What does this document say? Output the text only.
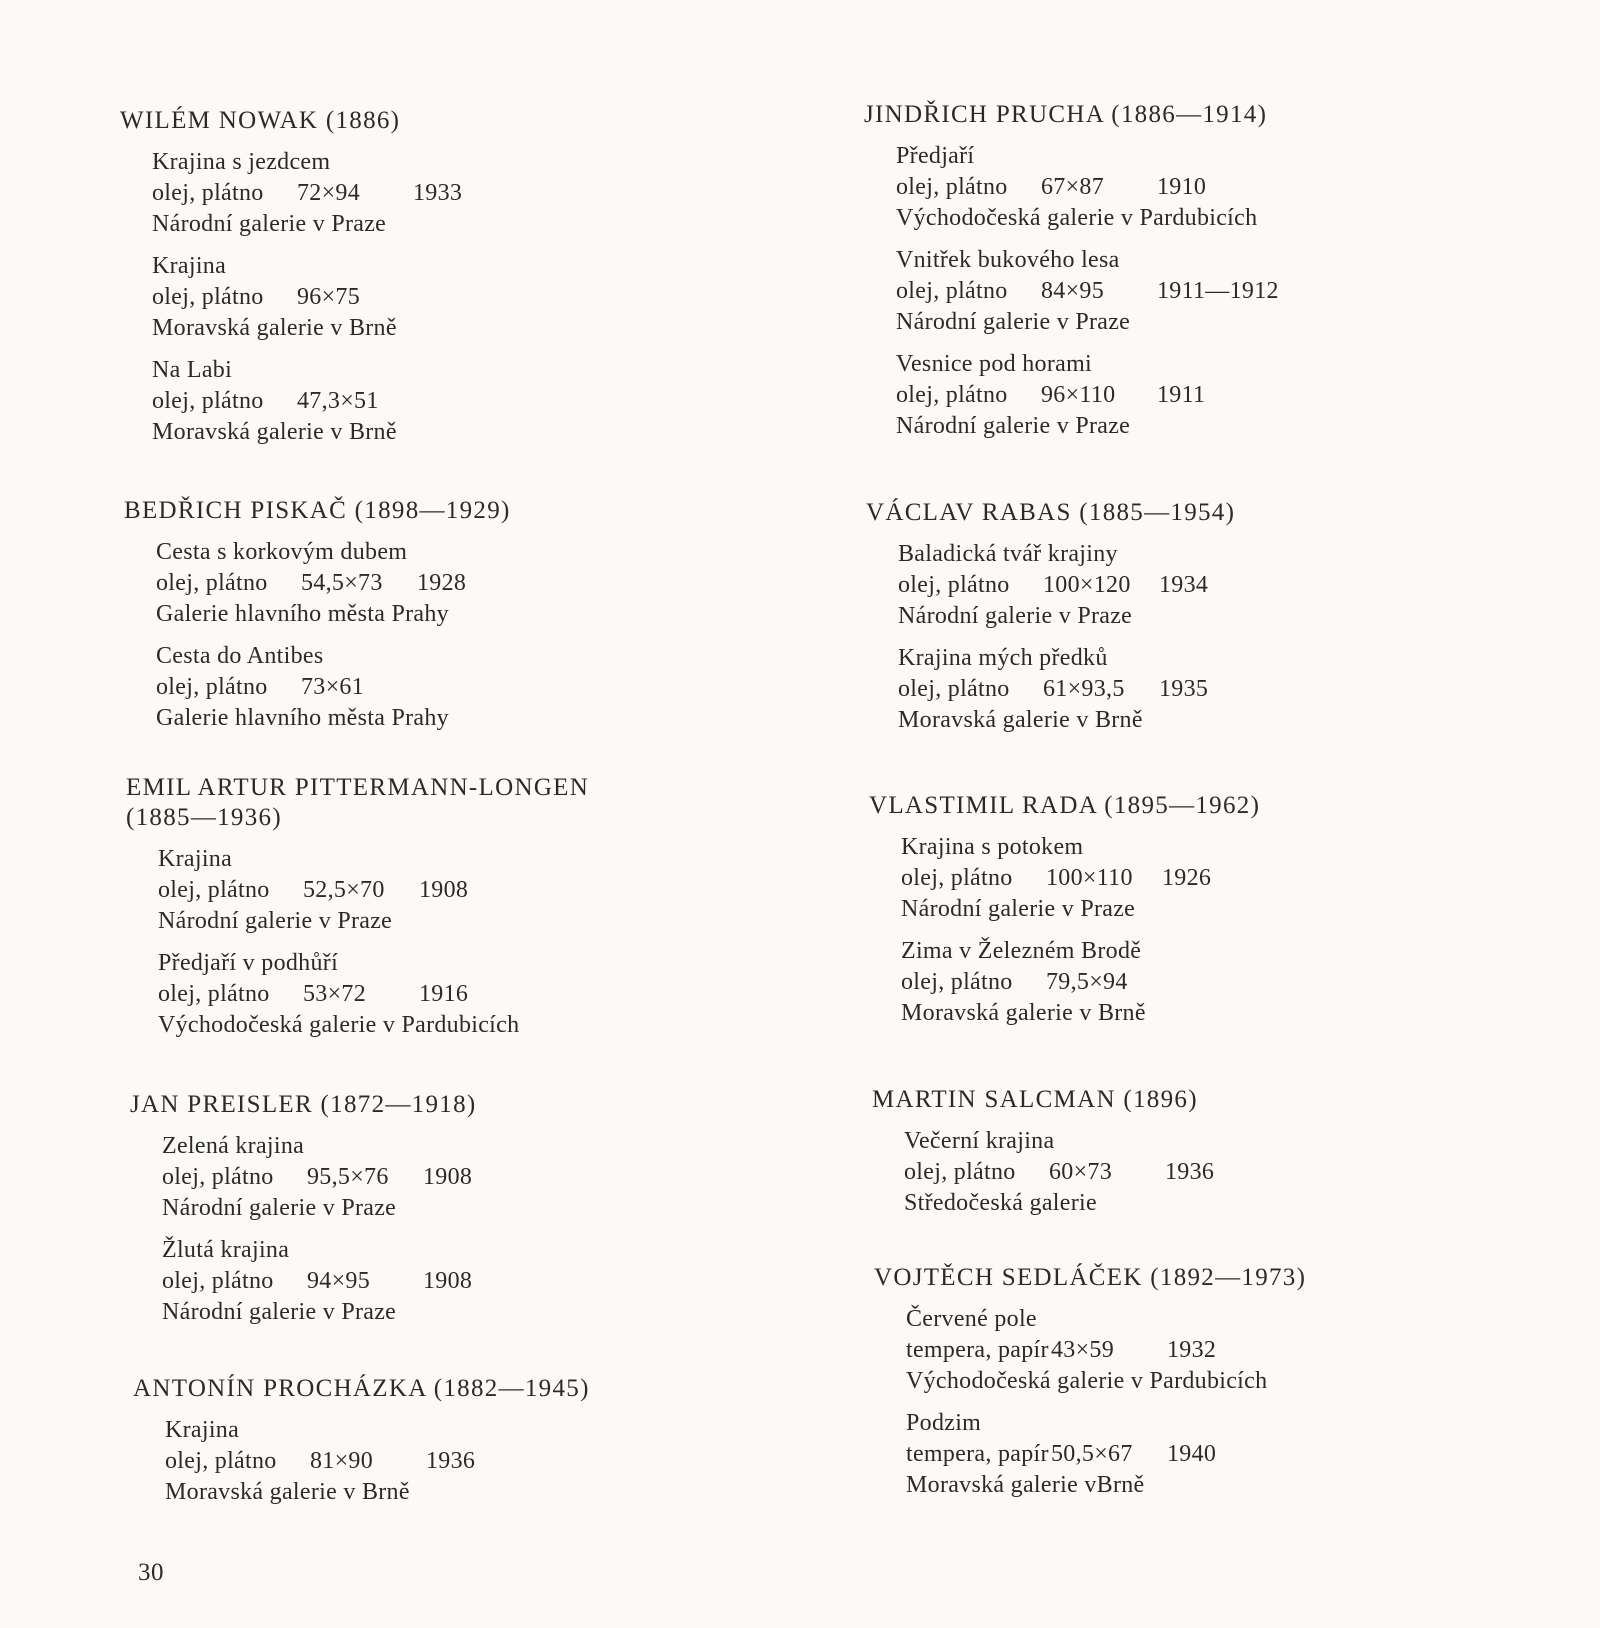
WILÉM NOWAK (1886)

Krajina s jezdcem
olej, plátno 72×94 1933
Národní galerie v Praze
Krajina
olej, plátno 96×75
Moravská galerie v Brně
Na Labi
olej, plátno 47,3×51
Moravská galerie v Brně

BEDŘICH PISKAČ (1898—1929)

Cesta s korkovým dubem
olej, plátno 54,5×73 1928
Galerie hlavního města Prahy
Cesta do Antibes
olej, plátno 73×61
Galerie hlavního města Prahy

EMIL ARTUR PITTERMANN-LONGEN
(1885—1936)

Krajina
olej, plátno 52,5×70 1908
Národní galerie v Praze
Předjaří v podhůří
olej, plátno 53×72 1916
Východočeská galerie v Pardubicích

JAN PREISLER (1872—1918)

Zelená krajina
olej, plátno 95,5×76 1908
Národní galerie v Praze
Žlutá krajina
olej, plátno 94×95 1908
Národní galerie v Praze

ANTONÍN PROCHÁZKA (1882—1945)

Krajina
olej, plátno 81×90 1936
Moravská galerie v Brně

JINDŘICH PRUCHA (1886—1914)

Předjaří
olej, plátno 67×87 1910
Východočeská galerie v Pardubicích
Vnitřek bukového lesa
olej, plátno 84×95 1911—1912
Národní galerie v Praze
Vesnice pod horami
olej, plátno 96×110 1911
Národní galerie v Praze

VÁCLAV RABAS (1885—1954)

Baladická tvář krajiny
olej, plátno 100×120 1934
Národní galerie v Praze
Krajina mých předků
olej, plátno 61×93,5 1935
Moravská galerie v Brně

VLASTIMIL RADA (1895—1962)

Krajina s potokem
olej, plátno 100×110 1926
Národní galerie v Praze
Zima v Železném Brodě
olej, plátno 79,5×94
Moravská galerie v Brně

MARTIN SALCMAN (1896)

Večerní krajina
olej, plátno 60×73 1936
Středočeská galerie

VOJTĚCH SEDLÁČEK (1892—1973)

Červené pole
tempera, papír43×59 1932
Východočeská galerie v Pardubicích
Podzim
tempera, papír50,5×67 1940
Moravská galerie vBrně
30
